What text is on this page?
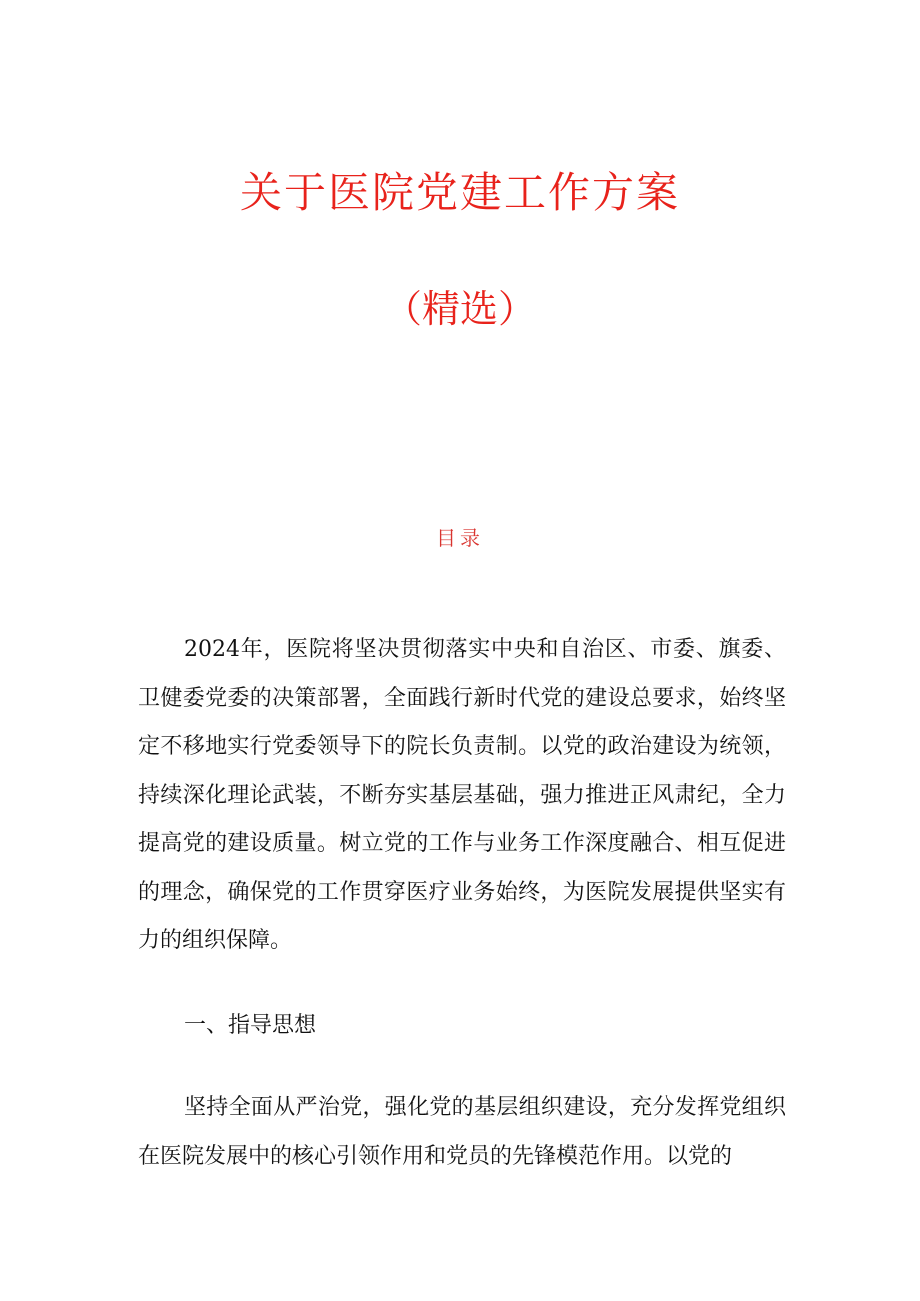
关于医院党建工作方案
（精选）
目录

2024年，医院将坚决贯彻落实中央和自治区、市委、旗委、卫健委党委的决策部署，全面践行新时代党的建设总要求，始终坚定不移地实行党委领导下的院长负责制。以党的政治建设为统领，持续深化理论武装，不断夯实基层基础，强力推进正风肃纪，全力提高党的建设质量。树立党的工作与业务工作深度融合、相互促进的理念，确保党的工作贯穿医疗业务始终，为医院发展提供坚实有力的组织保障。

一、指导思想

坚持全面从严治党，强化党的基层组织建设，充分发挥党组织在医院发展中的核心引领作用和党员的先锋模范作用。以党的
